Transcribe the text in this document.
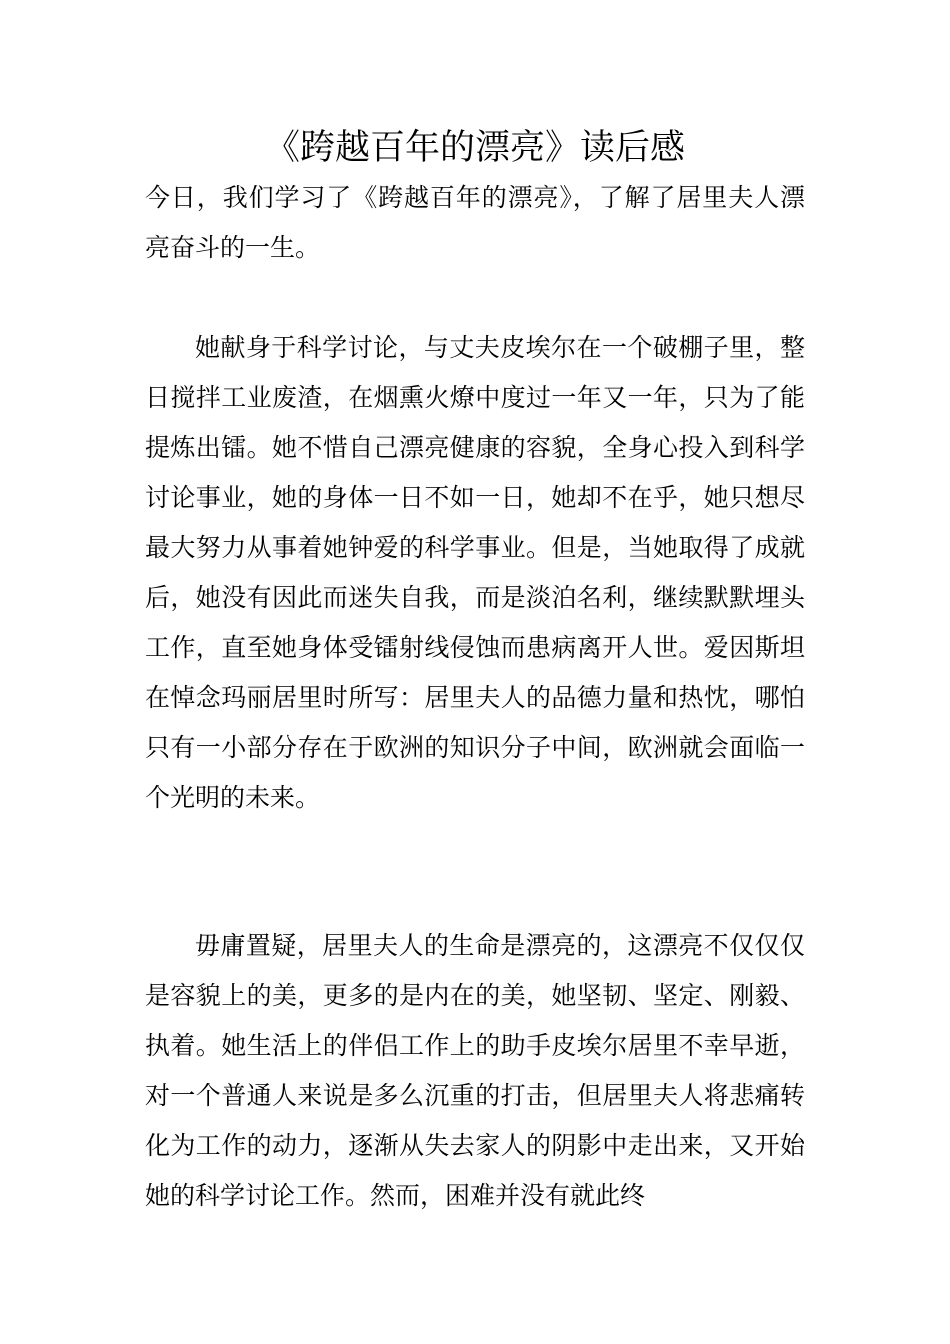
《跨越百年的漂亮》读后感

今日，我们学习了《跨越百年的漂亮》，了解了居里夫人漂亮奋斗的一生。

她献身于科学讨论，与丈夫皮埃尔在一个破棚子里，整日搅拌工业废渣，在烟熏火燎中度过一年又一年，只为了能提炼出镭。她不惜自己漂亮健康的容貌，全身心投入到科学讨论事业，她的身体一日不如一日，她却不在乎，她只想尽最大努力从事着她钟爱的科学事业。但是，当她取得了成就后，她没有因此而迷失自我，而是淡泊名利，继续默默埋头工作，直至她身体受镭射线侵蚀而患病离开人世。爱因斯坦在悼念玛丽居里时所写：居里夫人的品德力量和热忱，哪怕只有一小部分存在于欧洲的知识分子中间，欧洲就会面临一个光明的未来。

毋庸置疑，居里夫人的生命是漂亮的，这漂亮不仅仅仅是容貌上的美，更多的是内在的美，她坚韧、坚定、刚毅、执着。她生活上的伴侣工作上的助手皮埃尔居里不幸早逝，对一个普通人来说是多么沉重的打击，但居里夫人将悲痛转化为工作的动力，逐渐从失去家人的阴影中走出来，又开始她的科学讨论工作。然而，困难并没有就此终
